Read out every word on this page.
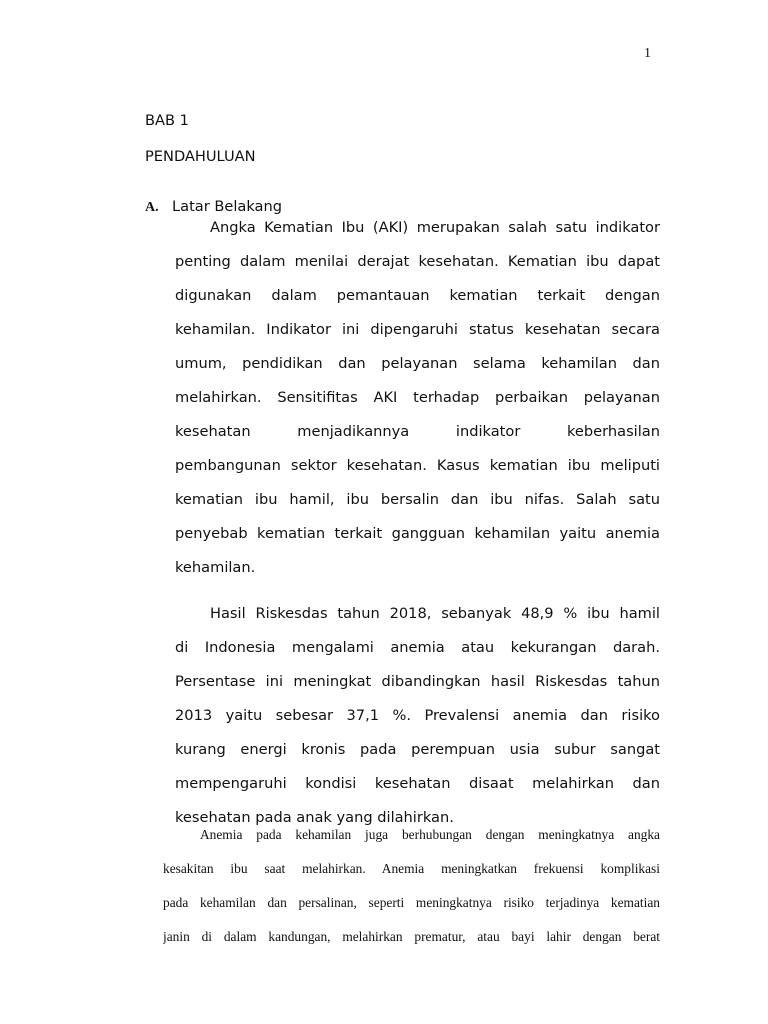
1
BAB 1
PENDAHULUAN
A. Latar Belakang
Angka Kematian Ibu (AKI) merupakan salah satu indikator
penting dalam menilai derajat kesehatan. Kematian ibu dapat
digunakan dalam pemantauan kematian terkait dengan
kehamilan. Indikator ini dipengaruhi status kesehatan secara
umum, pendidikan dan pelayanan selama kehamilan dan
melahirkan. Sensitifitas AKI terhadap perbaikan pelayanan
kesehatan menjadikannya indikator keberhasilan
pembangunan sektor kesehatan. Kasus kematian ibu meliputi
kematian ibu hamil, ibu bersalin dan ibu nifas. Salah satu
penyebab kematian terkait gangguan kehamilan yaitu anemia
kehamilan.
Hasil Riskesdas tahun 2018, sebanyak 48,9 % ibu hamil
di Indonesia mengalami anemia atau kekurangan darah.
Persentase ini meningkat dibandingkan hasil Riskesdas tahun
2013 yaitu sebesar 37,1 %. Prevalensi anemia dan risiko
kurang energi kronis pada perempuan usia subur sangat
mempengaruhi kondisi kesehatan disaat melahirkan dan
kesehatan pada anak yang dilahirkan.
Anemia pada kehamilan juga berhubungan dengan meningkatnya angka
kesakitan ibu saat melahirkan. Anemia meningkatkan frekuensi komplikasi
pada kehamilan dan persalinan, seperti meningkatnya risiko terjadinya kematian
janin di dalam kandungan, melahirkan prematur, atau bayi lahir dengan berat
